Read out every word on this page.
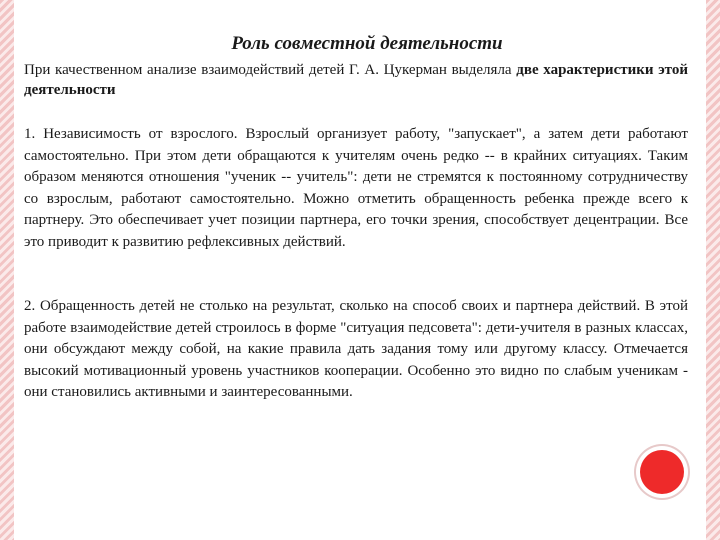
Роль совместной деятельности
При качественном анализе взаимодействий детей Г. А. Цукерман выделяла две характеристики этой деятельности
1. Независимость от взрослого. Взрослый организует работу, "запускает", а затем дети работают самостоятельно. При этом дети обращаются к учителям очень редко -- в крайних ситуациях. Таким образом меняются отношения "ученик -- учитель": дети не стремятся к постоянному сотрудничеству со взрослым, работают самостоятельно. Можно отметить обращенность ребенка прежде всего к партнеру. Это обеспечивает учет позиции партнера, его точки зрения, способствует децентрации. Все это приводит к развитию рефлексивных действий.
2. Обращенность детей не столько на результат, сколько на способ своих и партнера действий. В этой работе взаимодействие детей строилось в форме "ситуация педсовета": дети-учителя в разных классах, они обсуждают между собой, на какие правила дать задания тому или другому классу. Отмечается высокий мотивационный уровень участников кооперации. Особенно это видно по слабым ученикам - они становились активными и заинтересованными.
